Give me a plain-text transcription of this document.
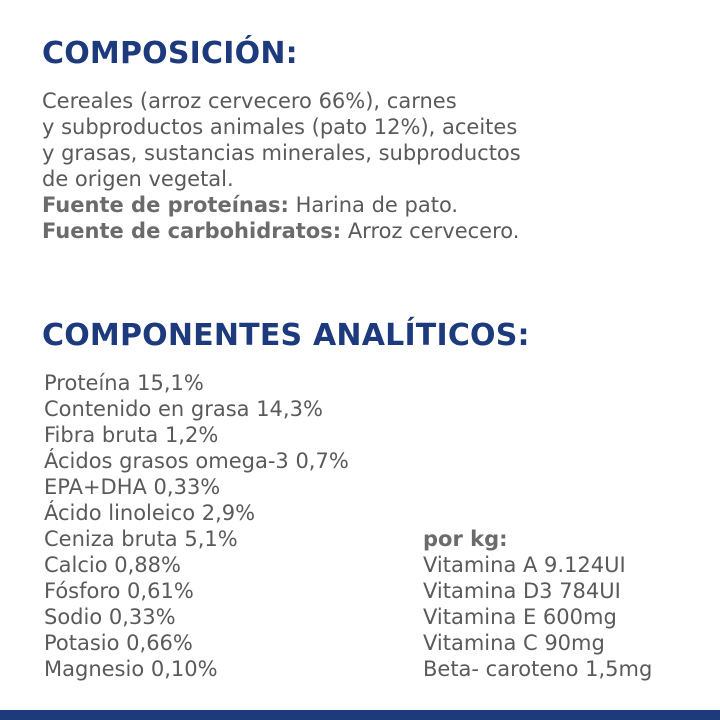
COMPOSICIÓN:

Cereales (arroz cervecero 66%), carnes

y subproductos animales (pato 12%), aceites

y grasas, sustancias minerales, subproductos

de origen vegetal.

Fuente de proteínas: Harina de pato.

Fuente de carbohidratos: Arroz cervecero.

COMPONENTES ANALÍTICOS:
Proteína 15,1%
Contenido en grasa 14,3%
Fibra bruta 1,2%
Ácidos grasos omega-3 0,7%
EPA+DHA 0,33%
Ácido linoleico 2,9%
Ceniza bruta 5,1%
Calcio 0,88%
Fósforo 0,61%
Sodio 0,33%
Potasio 0,66%
Magnesio 0,10%
por kg:
Vitamina A 9.124UI
Vitamina D3 784UI
Vitamina E 600mg
Vitamina C 90mg
Beta- caroteno 1,5mg
